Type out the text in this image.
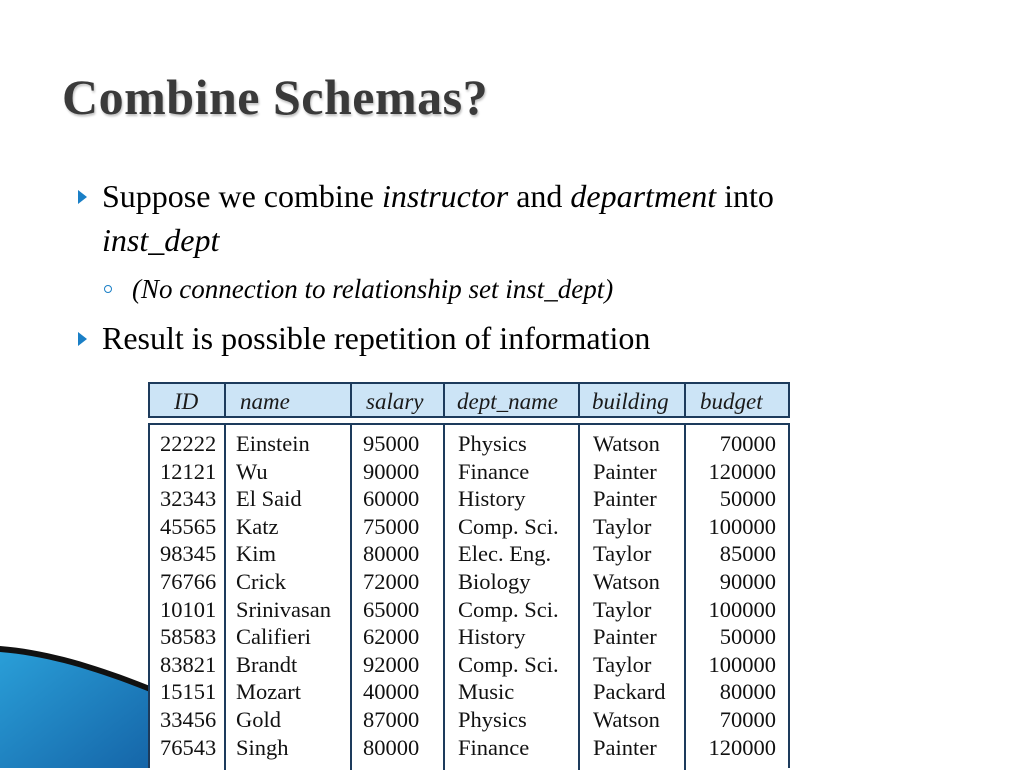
Combine Schemas?
Suppose we combine instructor and department into
inst_dept
(No connection to relationship set inst_dept)
Result is possible repetition of information
ID name	salary dept_name building budget
22222
12121
32343
45565
98345
76766
10101
58583
83821
15151
33456
76543
Einstein
Wu
El Said
Katz
Kim
Crick
Srinivasan
Califieri
Brandt
Mozart
Gold
Singh
95000
90000
60000
75000
80000
72000
65000
62000
92000
40000
87000
80000
Physics
Finance
History
Comp. Sci.
Elec. Eng.
Biology
Comp. Sci.
History
Comp. Sci.
Music
Physics
Finance
Watson
Painter
Painter
Taylor
Taylor
Watson
Taylor
Painter
Taylor
Packard
Watson
Painter
70000
120000
50000
100000
85000
90000
100000
50000
100000
80000
70000
120000
